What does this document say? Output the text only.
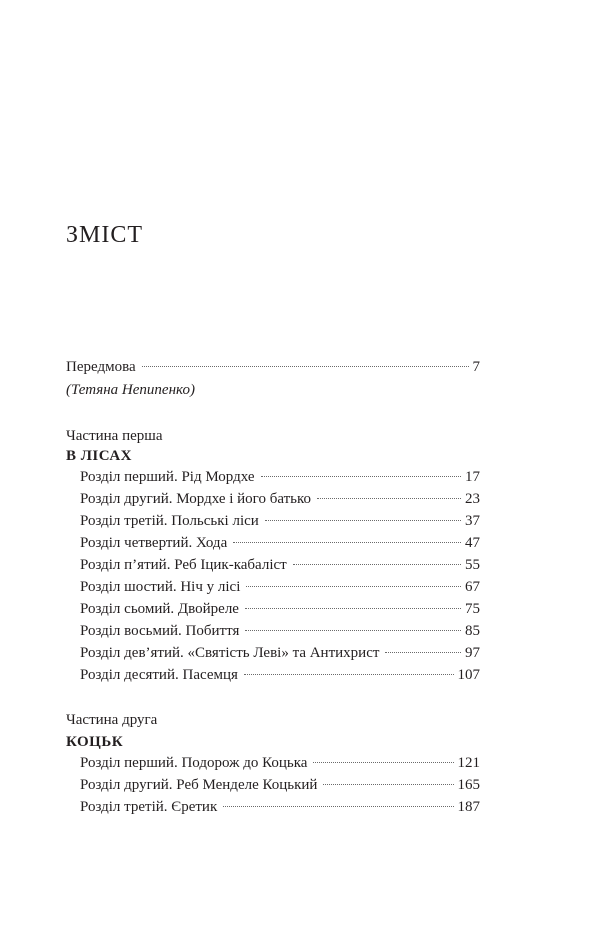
ЗМІСТ
Передмова	7
(Тетяна Непипенко)
Частина перша
В ЛІСАХ
Розділ перший. Рід Мордхе	17
Розділ другий. Мордхе і його батько	23
Розділ третій. Польські ліси	37
Розділ четвертий. Хода	47
Розділ п’ятий. Реб Іцик-кабаліст	55
Розділ шостий. Ніч у лісі	67
Розділ сьомий. Двойреле	75
Розділ восьмий. Побиття	85
Розділ дев’ятий. «Святість Леві» та Антихрист	97
Розділ десятий. Пасемця	107
Частина друга
КОЦЬК
Розділ перший. Подорож до Коцька	121
Розділ другий. Реб Менделе Коцький	165
Розділ третій. Єретик	187
